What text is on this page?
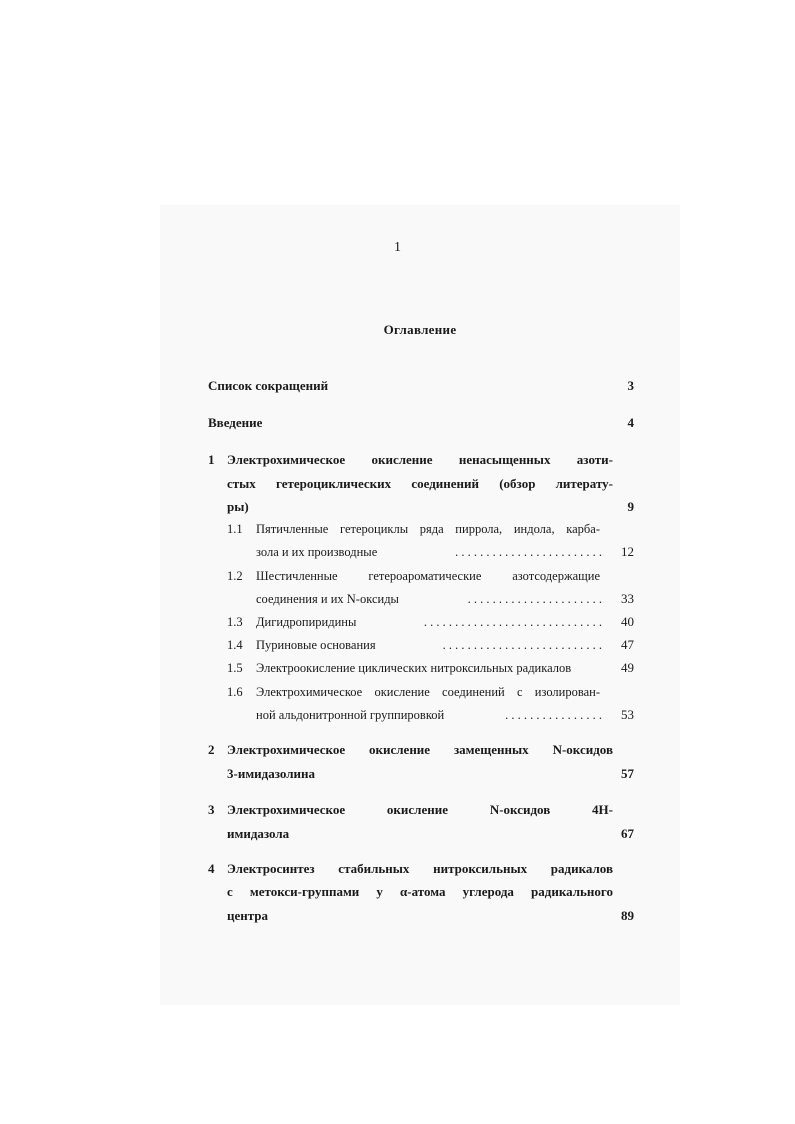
1
Оглавление
Список сокращений	3
Введение	4
1 Электрохимическое окисление ненасыщенных азоти-
стых гетероциклических соединений (обзор литерату-
ры)	9
1.1 Пятичленные гетероциклы ряда пиррола, индола, карба-
зола и их производные	. . . . . . . . . . . . . . . . . . . . . . . .	12
1.2 Шестичленные гетероароматические азотсодержащие
соединения и их N-оксиды	. . . . . . . . . . . . . . . . . . . . . .	33
1.3 Дигидропиридины	. . . . . . . . . . . . . . . . . . . . . . . . . . . . .	40
1.4 Пуриновые основания	. . . . . . . . . . . . . . . . . . . . . . . . . .	47
1.5 Электроокисление циклических нитроксильных радикалов	49
1.6 Электрохимическое окисление соединений с изолирован-
ной альдонитронной группировкой	. . . . . . . . . . . . . . . .	53
2 Электрохимическое окисление замещенных N-оксидов
3-имидазолина	57
3 Электрохимическое окисление N-оксидов 4Н-
имидазола	67
4 Электросинтез стабильных нитроксильных радикалов
с метокси-группами у α-атома углерода радикального
центра	89
